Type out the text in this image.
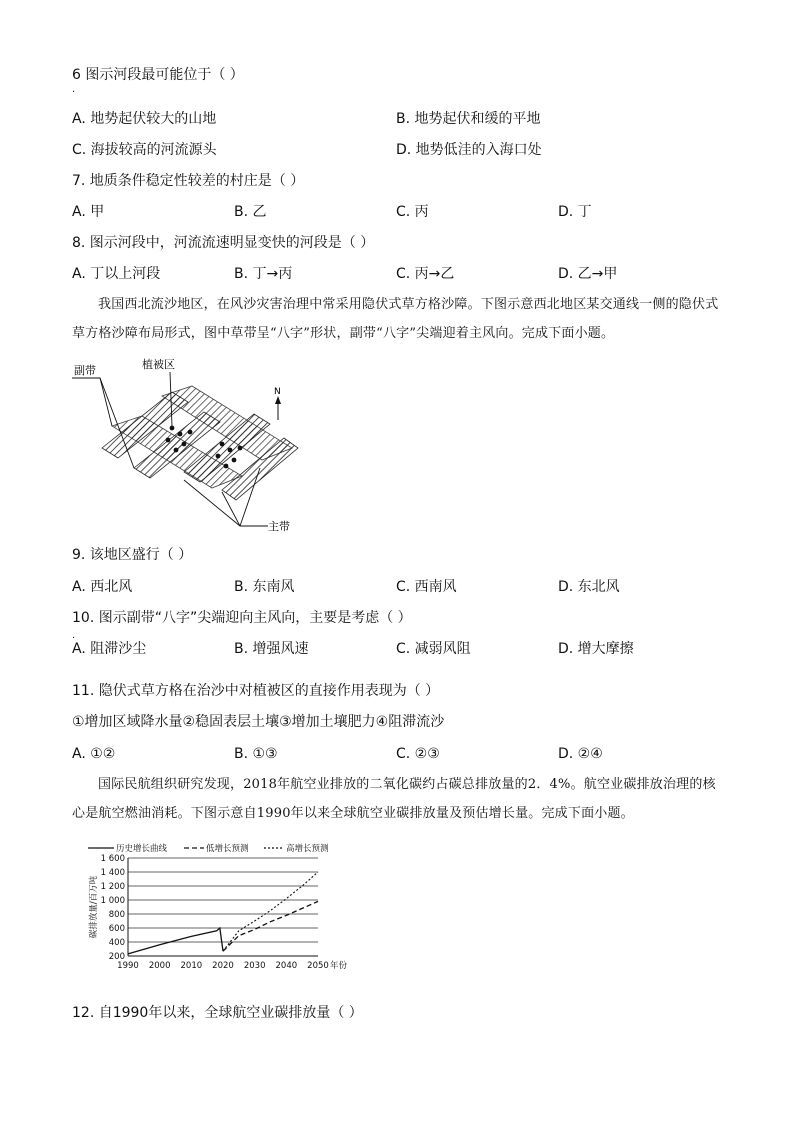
6 图示河段最可能位于（ ）
·
A. 地势起伏较大的山地	B. 地势起伏和缓的平地
C. 海拔较高的河流源头	D. 地势低洼的入海口处
7. 地质条件稳定性较差的村庄是（ ）
A. 甲	B. 乙	C. 丙	D. 丁
8. 图示河段中，河流流速明显变快的河段是（ ）
A. 丁以上河段	B. 丁→丙	C. 丙→乙	D. 乙→甲
我国西北流沙地区，在风沙灾害治理中常采用隐伏式草方格沙障。下图示意西北地区某交通线一侧的隐伏式草方格沙障布局形式，图中草带呈“八字”形状，副带“八字”尖端迎着主风向。完成下面小题。
副带	植被区
主带
N
9. 该地区盛行（ ）
A. 西北风	B. 东南风	C. 西南风	D. 东北风
10. 图示副带“八字”尖端迎向主风向，主要是考虑（ ）
·
A. 阻滞沙尘	B. 增强风速	C. 减弱风阻	D. 增大摩擦
11. 隐伏式草方格在治沙中对植被区的直接作用表现为（ ）
①增加区域降水量②稳固表层土壤③增加土壤肥力④阻滞流沙
A. ①②	B. ①③	C. ②③	D. ②④
国际民航组织研究发现，2018年航空业排放的二氧化碳约占碳总排放量的2．4%。航空业碳排放治理的核心是航空燃油消耗。下图示意自1990年以来全球航空业碳排放量及预估增长量。完成下面小题。
200
400
600
800
1 000
1 200
1 400
1 600
1990 2000 2010 2020 2030 2040 2050 年份
碳排放量/百万吨
历史增长曲线	低增长预测	高增长预测
12. 自1990年以来，全球航空业碳排放量（ ）
